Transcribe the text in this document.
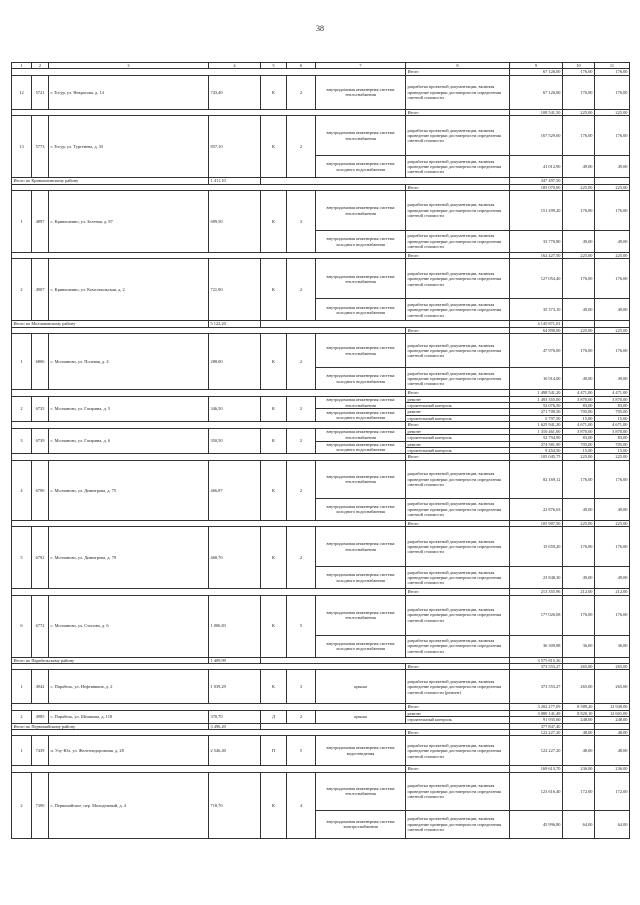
38
1	2	3	4	5	6	7	8	9	10	11
							Итого	67 126,00	176,00	176,00
12	5721	г. Тогур, ул. Некрасова, д. 14	743,40	К	2	внутридомовая инженерная система теплоснабжения	разработка проектной документации, включая проведение проверки достоверности определения сметной стоимости	67 126,00	176,00	176,00
							Итого	108 541,50	225,00	225,00
13	5773	г. Тогур, ул. Тургенева, д. 35	857,10	К	2	внутридомовая инженерная система теплоснабжения	разработка проектной документации, включая проведение проверки достоверности определения сметной стоимости	167 529,60	176,00	176,00
						внутридомовая инженерная система холодного водоснабжения	разработка проектной документации, включая проведение проверки достоверности определения сметной стоимости	41 012,90	49,00	49,00
Итого по Кривошеинскому району			1 411,10					347 497,50		
							Итого	185 070,00	225,00	225,00
1	4897	с. Кривошеино, ул. Зеленая, д. 87	689,50	К	3	внутридомовая инженерная система теплоснабжения	разработка проектной документации, включая проведение проверки достоверности определения сметной стоимости	151 299,20	176,00	176,00
						внутридомовая инженерная система холодного водоснабжения	разработка проектной документации, включая проведение проверки достоверности определения сметной стоимости	33 770,80	49,00	49,00
							Итого	162 427,50	225,00	225,00
2	4907	с. Кривошеино, ул. Комсомольская, д. 2	721,90	К	2	внутридомовая инженерная система теплоснабжения	разработка проектной документации, включая проведение проверки достоверности определения сметной стоимости	127 054,40	176,00	176,00
						внутридомовая инженерная система холодного водоснабжения	разработка проектной документации, включая проведение проверки достоверности определения сметной стоимости	35 373,10	49,00	49,00
Итого по Молчановскому району			5 122,20					4 145 871,01		
							Итого	64 890,00	225,00	225,00
1	6806	с. Молчаново, ул. Полевая, д. 4	288,00	К	2	внутридомовая инженерная система теплоснабжения	разработка проектной документации, включая проведение проверки достоверности определения сметной стоимости	47 976,00	176,00	176,00
						внутридомовая инженерная система холодного водоснабжения	разработка проектной документации, включая проведение проверки достоверности определения сметной стоимости	16 914,00	49,00	49,00
							Итого	1 498 541,20	4 471,00	4 471,00
2	6735	с. Молчаново, ул. Гагарина, д. 5	346,50	К	2	внутридомовая инженерная система теплоснабжения	ремонт	1 493 355,00	3 870,00	3 870,00
							строительный контроль	52 076,50	83,00	83,00
						внутридомовая инженерная система холодного водоснабжения	ремонт	271 709,50	705,00	705,00
							строительный контроль	5 797,50	15,00	15,00
							Итого	1 625 941,20	4 671,00	4 671,00
3	6739	с. Молчаново, ул. Гагарина, д. 6	350,50	К	2	внутридомовая инженерная система теплоснабжения	ремонт	1 310 461,00	3 870,00	3 870,00
							строительный контроль	52 794,90	83,00	83,00
						внутридомовая инженерная система холодного водоснабжения	ремонт	274 581,90	705,00	705,00
							строительный контроль	9 454,50	15,00	15,00
							Итого	105 045,75	225,00	225,00
4	6790	с. Молчаново, ул. Димитрова, д. 75	466,87	К	2	внутридомовая инженерная система теплоснабжения	разработка проектной документации, включая проведение проверки достоверности определения сметной стоимости	82 169,12	176,00	176,00
						внутридомовая инженерная система холодного водоснабжения	разработка проектной документации, включая проведение проверки достоверности определения сметной стоимости	22 876,63	49,00	49,00
							Итого	105 907,50	225,00	225,00
5	6792	с. Молчаново, ул. Димитрова, д. 79	468,70	К	2	внутридомовая инженерная система теплоснабжения	разработка проектной документации, включая проведение проверки достоверности определения сметной стоимости	15 659,20	176,00	176,00
						внутридомовая инженерная система холодного водоснабжения	разработка проектной документации, включая проведение проверки достоверности определения сметной стоимости	23 848,30	49,00	49,00
							Итого	213 355,96	212,00	212,00
6	6772	с. Молчаново, ул. Стопова, д. 6	1 006,83	К	5	внутридомовая инженерная система теплоснабжения	разработка проектной документации, включая проведение проверки достоверности определения сметной стоимости	177 026,08	176,00	176,00
						внутридомовая инженерная система холодного водоснабжения	разработка проектной документации, включая проведение проверки достоверности определения сметной стоимости	36 309,88	36,00	36,00
Итого по Парабельскому району			1 409,99					3 575 815,36		
							Итого	373 553,27	265,00	265,00
1	4942	с. Парабель, ул. Нефтяников, д. 2	1 039,29	К	3	крыша	разработка проектной документации, включая проведение проверки достоверности определения сметной стоимости (ремонт)	373 553,27	265,00	265,00
							Итого	3 202 277,09	8 589,20	12 949,00
2	4985	с. Парабель, ул. Шишкова, д. 118	370,70	Д	2	крыша	ремонт	3 080 141,49	8 820,10	12 601,00
							строительный контроль	91 935,60	248,00	248,00
Итого по Первомайскому району			3 496,20					377 847,40		
							Итого	122 227,20	48,00	48,00
1	7439	п. Улу-Юл, ул. Железнодорожная, д. 28	2 546,40	П	5	внутридомовая инженерная система водоотведения	разработка проектной документации, включая проведение проверки достоверности определения сметной стоимости	122 227,20	48,00	48,00
							Итого	169 613,70	236,00	236,00
2	7390	с. Первомайское, пер. Молодежный, д. 4	718,70	К	4	внутридомовая инженерная система теплоснабжения	разработка проектной документации, включая проведение проверки достоверности определения сметной стоимости	123 616,40	172,00	172,00
						внутридомовая инженерная система электроснабжения	разработка проектной документации, включая проведение проверки достоверности определения сметной стоимости	45 996,80	64,00	64,00
